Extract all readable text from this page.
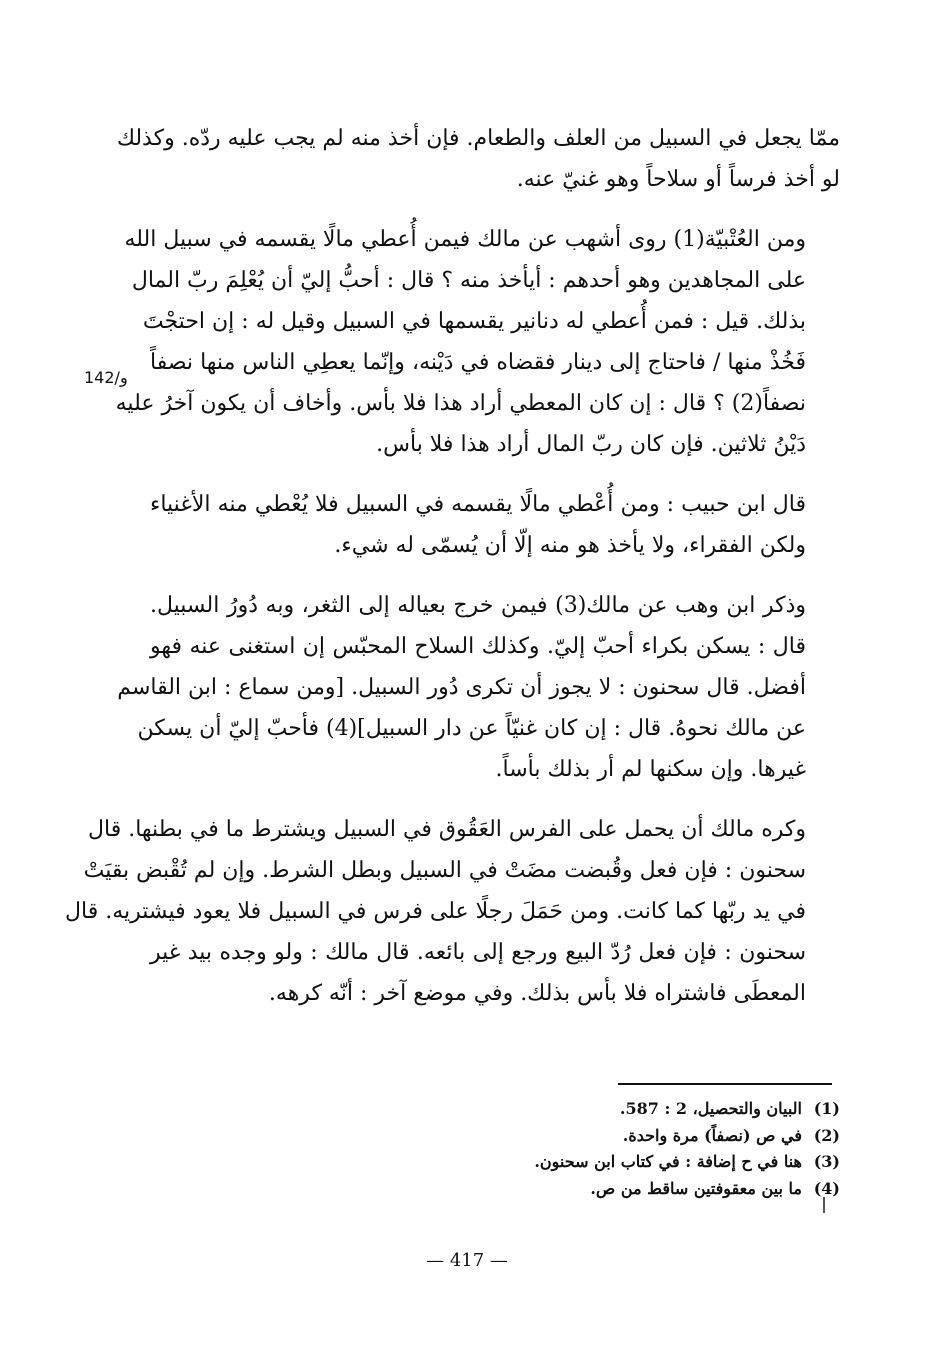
ممّا يجعل في السبيل من العلف والطعام. فإن أخذ منه لم يجب عليه ردّه. وكذلك
لو أخذ فرساً أو سلاحاً وهو غنيّ عنه.

ومن العُتْبيّة(1) روى أشهب عن مالك فيمن أُعطي مالًا يقسمه في سبيل الله
على المجاهدين وهو أحدهم : أيأخذ منه ؟ قال : أحبُّ إليّ أن يُعْلِمَ ربّ المال
بذلك. قيل : فمن أُعطي له دنانير يقسمها في السبيل وقيل له : إن احتجْتَ
فَخُذْ منها / فاحتاج إلى دينار فقضاه في دَيْنه، وإنّما يعطِي الناس منها نصفاً
نصفاً(2) ؟ قال : إن كان المعطي أراد هذا فلا بأس. وأخاف أن يكون آخرُ عليه
دَيْنُ ثلاثين. فإن كان ربّ المال أراد هذا فلا بأس.

قال ابن حبيب : ومن أُعْطي مالًا يقسمه في السبيل فلا يُعْطي منه الأغنياء
ولكن الفقراء، ولا يأخذ هو منه إلّا أن يُسمّى له شيء.

وذكر ابن وهب عن مالك(3) فيمن خرج بعياله إلى الثغر، وبه دُورُ السبيل.
قال : يسكن بكراء أحبّ إليّ. وكذلك السلاح المحبّس إن استغنى عنه فهو
أفضل. قال سحنون : لا يجوز أن تكرى دُور السبيل. [ومن سماع : ابن القاسم
عن مالك نحوهُ. قال : إن كان غنيّاً عن دار السبيل](4) فأحبّ إليّ أن يسكن
غيرها. وإن سكنها لم أر بذلك بأساً.

وكره مالك أن يحمل على الفرس العَقُوق في السبيل ويشترط ما في بطنها. قال
سحنون : فإن فعل وقُبضت مضَتْ في السبيل وبطل الشرط. وإن لم تُقْبض بقيَتْ
في يد ربّها كما كانت. ومن حَمَلَ رجلًا على فرس في السبيل فلا يعود فيشتريه. قال
سحنون : فإن فعل رُدّ البيع ورجع إلى بائعه. قال مالك : ولو وجده بيد غير
المعطَى فاشتراه فلا بأس بذلك. وفي موضع آخر : أنّه كرهه.

142/و
(1)البيان والتحصيل، 2 : 587.
(2)في ص (نصفاً) مرة واحدة.
(3)هنا في ح إضافة : في كتاب ابن سحنون.
(4)ما بين معقوفتين ساقط من ص.
— 417 —
